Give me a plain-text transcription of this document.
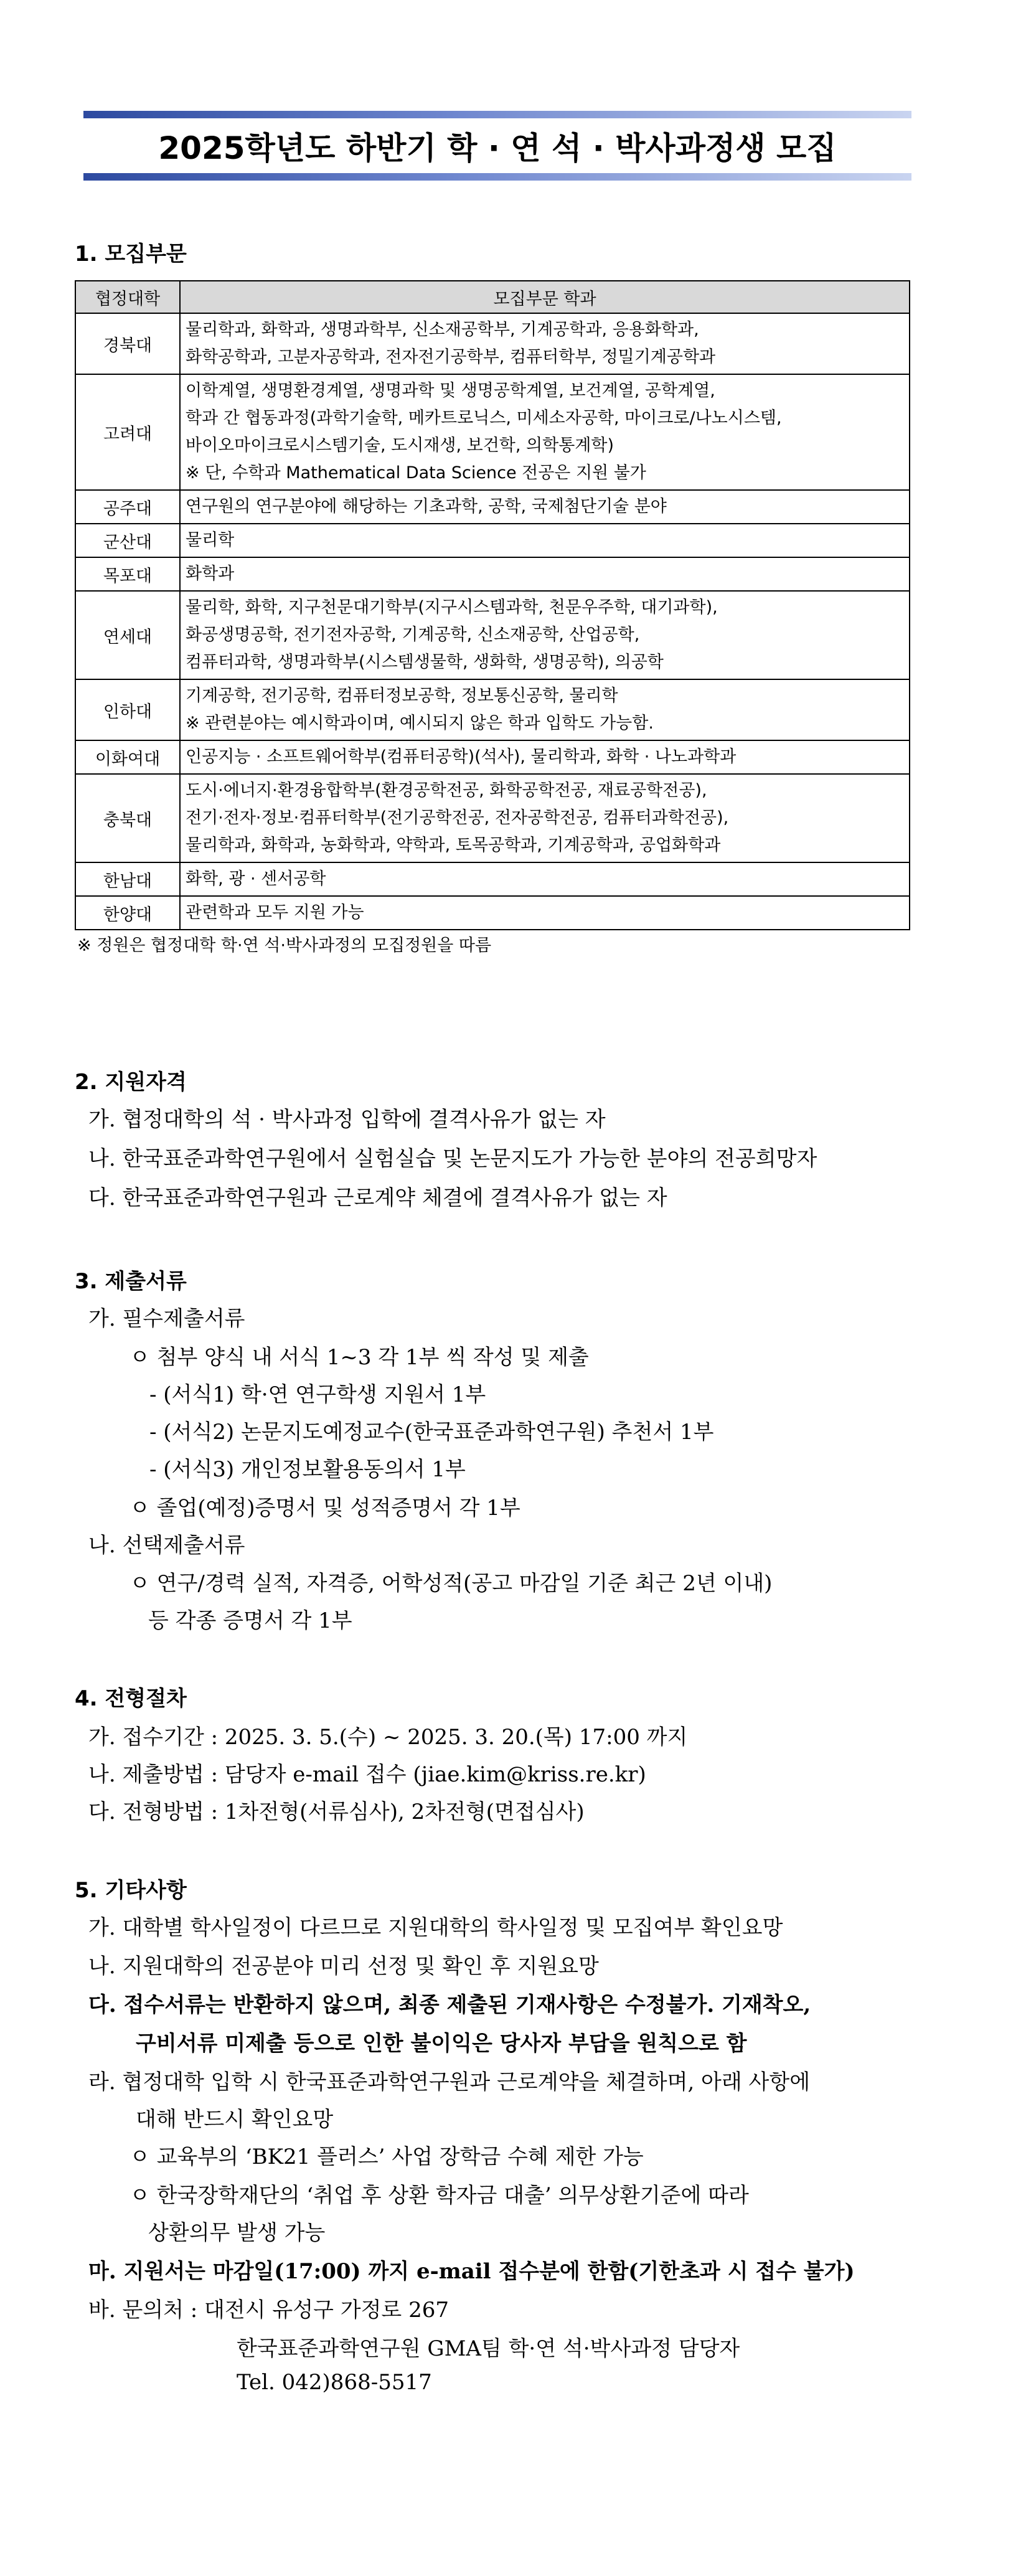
2025학년도 하반기 학 · 연 석 · 박사과정생 모집
1. 모집부문
협정대학	모집부문 학과
경북대	물리학과, 화학과, 생명과학부, 신소재공학부, 기계공학과, 응용화학과,
화학공학과, 고분자공학과, 전자전기공학부, 컴퓨터학부, 정밀기계공학과

고려대	이학계열, 생명환경계열, 생명과학 및 생명공학계열, 보건계열, 공학계열,
학과 간 협동과정(과학기술학, 메카트로닉스, 미세소자공학, 마이크로/나노시스템,
바이오마이크로시스템기술, 도시재생, 보건학, 의학통계학)
※ 단, 수학과 Mathematical Data Science 전공은 지원 불가

공주대	연구원의 연구분야에 해당하는 기초과학, 공학, 국제첨단기술 분야

군산대	물리학

목포대	화학과

연세대	물리학, 화학, 지구천문대기학부(지구시스템과학, 천문우주학, 대기과학),
화공생명공학, 전기전자공학, 기계공학, 신소재공학, 산업공학,
컴퓨터과학, 생명과학부(시스템생물학, 생화학, 생명공학), 의공학

인하대	기계공학, 전기공학, 컴퓨터정보공학, 정보통신공학, 물리학
※ 관련분야는 예시학과이며, 예시되지 않은 학과 입학도 가능함.

이화여대	인공지능 · 소프트웨어학부(컴퓨터공학)(석사), 물리학과, 화학 · 나노과학과

충북대	도시·에너지·환경융합학부(환경공학전공, 화학공학전공, 재료공학전공),
전기·전자·정보·컴퓨터학부(전기공학전공, 전자공학전공, 컴퓨터과학전공),
물리학과, 화학과, 농화학과, 약학과, 토목공학과, 기계공학과, 공업화학과

한남대	화학, 광 · 센서공학

한양대	관련학과 모두 지원 가능
※ 정원은 협정대학 학·연 석·박사과정의 모집정원을 따름
2. 지원자격
가. 협정대학의 석 · 박사과정 입학에 결격사유가 없는 자
나. 한국표준과학연구원에서 실험실습 및 논문지도가 가능한 분야의 전공희망자
다. 한국표준과학연구원과 근로계약 체결에 결격사유가 없는 자
3. 제출서류
가. 필수제출서류
ㅇ 첨부 양식 내 서식 1~3 각 1부 씩 작성 및 제출
- (서식1) 학·연 연구학생 지원서 1부
- (서식2) 논문지도예정교수(한국표준과학연구원) 추천서 1부
- (서식3) 개인정보활용동의서 1부
ㅇ 졸업(예정)증명서 및 성적증명서 각 1부
나. 선택제출서류
ㅇ 연구/경력 실적, 자격증, 어학성적(공고 마감일 기준 최근 2년 이내)
등 각종 증명서 각 1부
4. 전형절차
가. 접수기간 : 2025. 3. 5.(수) ~ 2025. 3. 20.(목) 17:00 까지
나. 제출방법 : 담당자 e-mail 접수 (jiae.kim@kriss.re.kr)
다. 전형방법 : 1차전형(서류심사), 2차전형(면접심사)
5. 기타사항
가. 대학별 학사일정이 다르므로 지원대학의 학사일정 및 모집여부 확인요망
나. 지원대학의 전공분야 미리 선정 및 확인 후 지원요망
다. 접수서류는 반환하지 않으며, 최종 제출된 기재사항은 수정불가. 기재착오,
구비서류 미제출 등으로 인한 불이익은 당사자 부담을 원칙으로 함
라. 협정대학 입학 시 한국표준과학연구원과 근로계약을 체결하며, 아래 사항에
대해 반드시 확인요망
ㅇ 교육부의 ‘BK21 플러스’ 사업 장학금 수혜 제한 가능
ㅇ 한국장학재단의 ‘취업 후 상환 학자금 대출’ 의무상환기준에 따라
상환의무 발생 가능
마. 지원서는 마감일(17:00) 까지 e-mail 접수분에 한함(기한초과 시 접수 불가)
바. 문의처 : 대전시 유성구 가정로 267
한국표준과학연구원 GMA팀 학·연 석·박사과정 담당자
Tel. 042)868-5517
